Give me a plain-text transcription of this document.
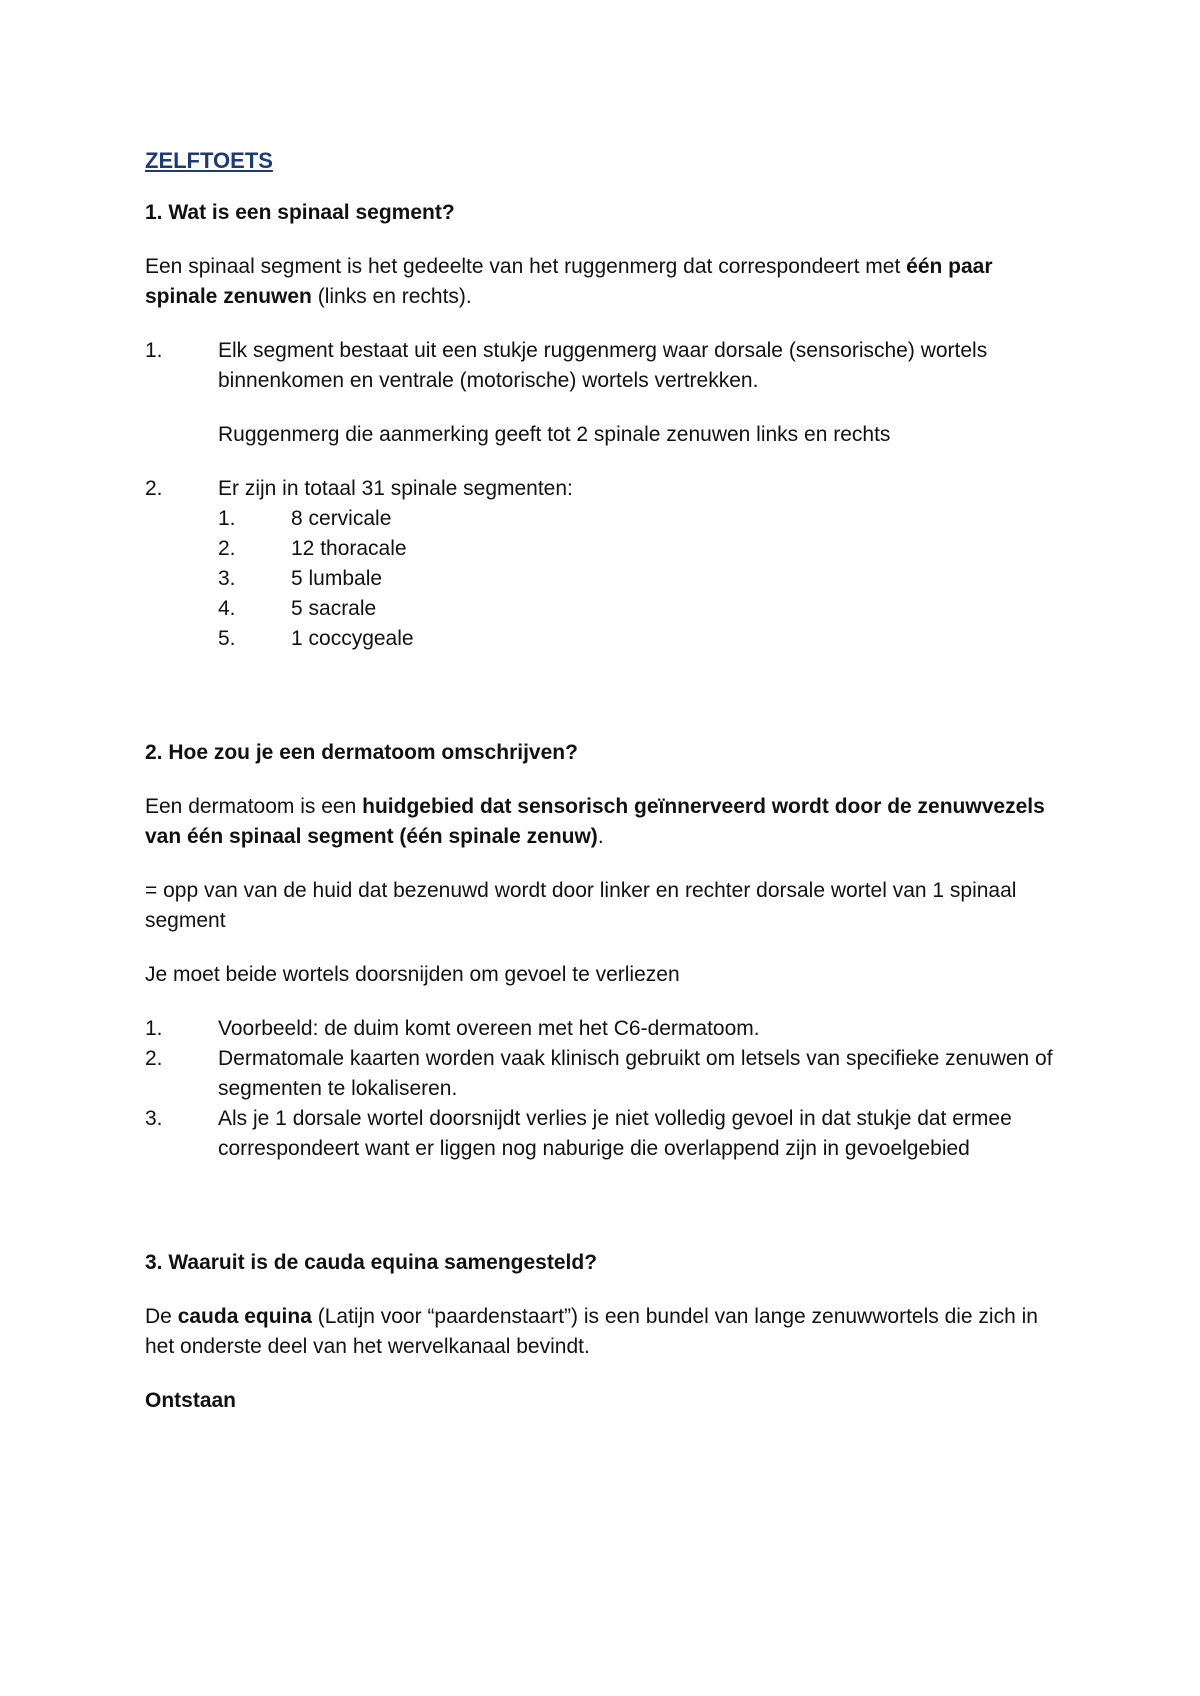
ZELFTOETS

1. Wat is een spinaal segment?

Een spinaal segment is het gedeelte van het ruggenmerg dat correspondeert met één paar spinale zenuwen (links en rechts).

1.	Elk segment bestaat uit een stukje ruggenmerg waar dorsale (sensorische) wortels binnenkomen en ventrale (motorische) wortels vertrekken.
Ruggenmerg die aanmerking geeft tot 2 spinale zenuwen links en rechts
2.	Er zijn in totaal 31 spinale segmenten:
1.	8 cervicale
2.	12 thoracale
3.	5 lumbale
4.	5 sacrale
5.	1 coccygeale

2. Hoe zou je een dermatoom omschrijven?

Een dermatoom is een huidgebied dat sensorisch geïnnerveerd wordt door de zenuwvezels van één spinaal segment (één spinale zenuw).

= opp van van de huid dat bezenuwd wordt door linker en rechter dorsale wortel van 1 spinaal segment

Je moet beide wortels doorsnijden om gevoel te verliezen

1.	Voorbeeld: de duim komt overeen met het C6-dermatoom.
2.	Dermatomale kaarten worden vaak klinisch gebruikt om letsels van specifieke zenuwen of segmenten te lokaliseren.
3.	Als je 1 dorsale wortel doorsnijdt verlies je niet volledig gevoel in dat stukje dat ermee correspondeert want er liggen nog naburige die overlappend zijn in gevoelgebied

3. Waaruit is de cauda equina samengesteld?

De cauda equina (Latijn voor “paardenstaart”) is een bundel van lange zenuwwortels die zich in het onderste deel van het wervelkanaal bevindt.

Ontstaan
